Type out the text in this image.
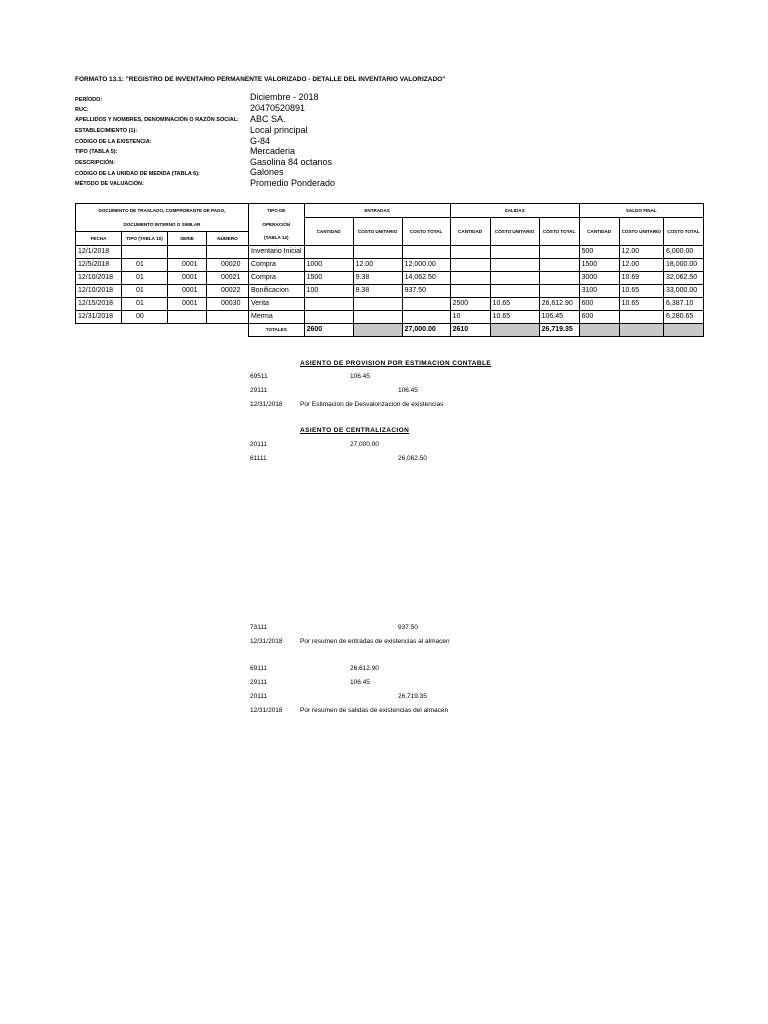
FORMATO 13.1: "REGISTRO DE INVENTARIO PERMANENTE VALORIZADO - DETALLE DEL INVENTARIO VALORIZADO"
PERÍODO:	Diciembre - 2018
RUC:	20470520891
APELLIDOS Y NOMBRES, DENOMINACIÓN O RAZÓN SOCIAL: ABC SA.
ESTABLECIMIENTO (1):	Local principal
CÓDIGO DE LA EXISTENCIA:	G-84
TIPO (TABLA 5):	Mercaderia
DESCRIPCIÓN:	Gasolina 84 octanos
CÓDIGO DE LA UNIDAD DE MEDIDA (TABLA 6):	Galones
MÉTODO DE VALUACIÓN:	Promedio Ponderado
DOCUMENTO DE TRASLADO, COMPROBANTE DE PAGO,				TIPO DE	ENTRADAS			SALIDAS			SALDO FINAL		
DOCUMENTO INTERNO O SIMILAR				OPERACIÓN	CANTIDAD	COSTO UNITARIO	COSTO TOTAL	CANTIDAD	COSTO UNITARIO	COSTO TOTAL	CANTIDAD	COSTO UNITARIO	COSTO TOTAL
FECHA	TIPO (TABLA 10)	SERIE	NÚMERO	(TABLA 12)									
12/1/2018				Inventario Inicial							500	12.00	6,000.00
12/5/2018	01	0001	00020	Compra	1000	12.00	12,000.00				1500	12.00	18,000.00
12/10/2018	01	0001	00021	Compra	1500	9.38	14,062.50				3000	10.69	32,062.50
12/10/2018	01	0001	00022	Bonificacion	100	9.38	937.50				3100	10.65	33,000.00
12/15/2018	01	0001	00030	Venta				2500	10.65	26,612.90	600	10.65	6,387.10
12/31/2018	00			Merma				10	10.65	106.45	600		6,280.65
				TOTALES	2600		27,000.00	2610		26,719.35			
ASIENTO DE PROVISION POR ESTIMACION CONTABLE
69511	106.45
29111	106.45
12/31/2018	Por Estimacion de Desvalorizacion de existencias
ASIENTO DE CENTRALIZACION
20111	27,000.00
61111	26,062.50
73111	937.50
12/31/2018	Por resumen de entradas de existencias al almacen
69111	26,612.90
29111	106.45
20111	26,719.35
12/31/2018	Por resumen de salidas de existencias del almacen
